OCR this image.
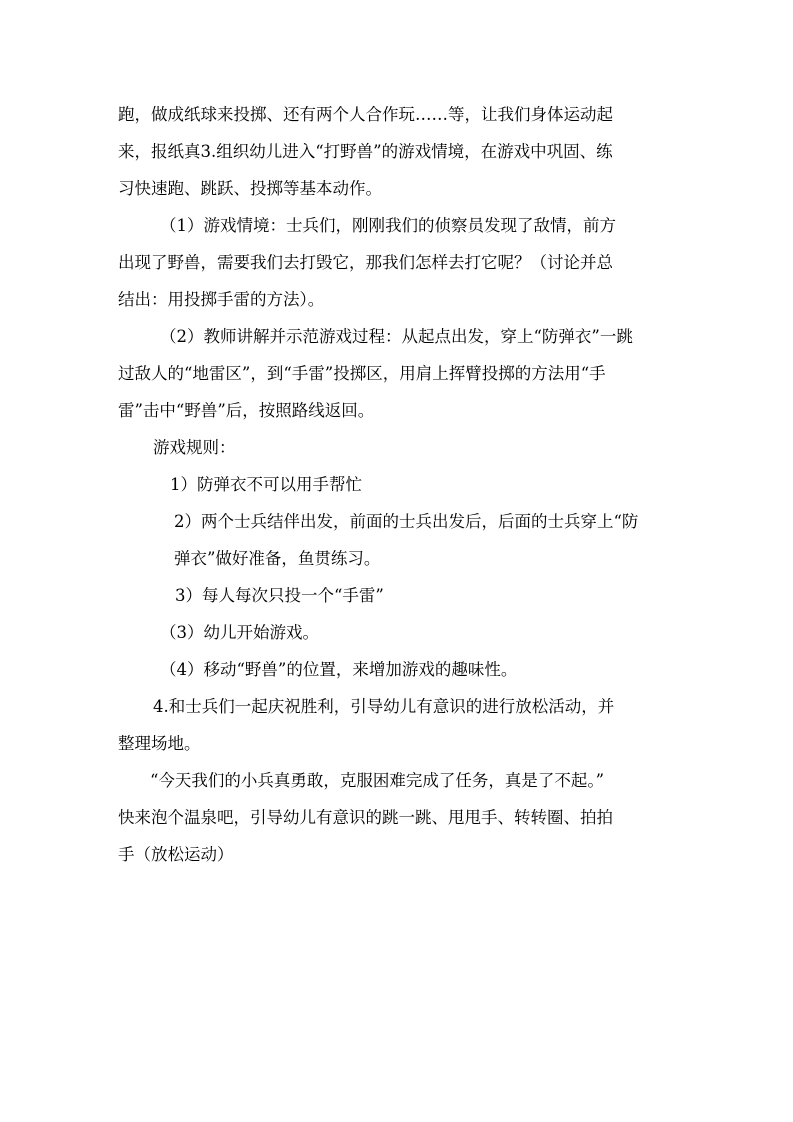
跑，做成纸球来投掷、还有两个人合作玩……等，让我们身体运动起
来，报纸真3.组织幼儿进入“打野兽”的游戏情境，在游戏中巩固、练
习快速跑、跳跃、投掷等基本动作。
（1）游戏情境：士兵们，刚刚我们的侦察员发现了敌情，前方
出现了野兽，需要我们去打毁它，那我们怎样去打它呢？（讨论并总
结出：用投掷手雷的方法）。
（2）教师讲解并示范游戏过程：从起点出发，穿上“防弹衣”一跳
过敌人的“地雷区”，到“手雷”投掷区，用肩上挥臂投掷的方法用“手
雷”击中“野兽”后，按照路线返回。
游戏规则：
1）防弹衣不可以用手帮忙
2）两个士兵结伴出发，前面的士兵出发后，后面的士兵穿上“防
弹衣”做好准备，鱼贯练习。
3）每人每次只投一个“手雷”
（3）幼儿开始游戏。
（4）移动“野兽”的位置，来增加游戏的趣味性。
4.和士兵们一起庆祝胜利，引导幼儿有意识的进行放松活动，并
整理场地。
“今天我们的小兵真勇敢，克服困难完成了任务，真是了不起。”
快来泡个温泉吧，引导幼儿有意识的跳一跳、甩甩手、转转圈、拍拍
手（放松运动）
